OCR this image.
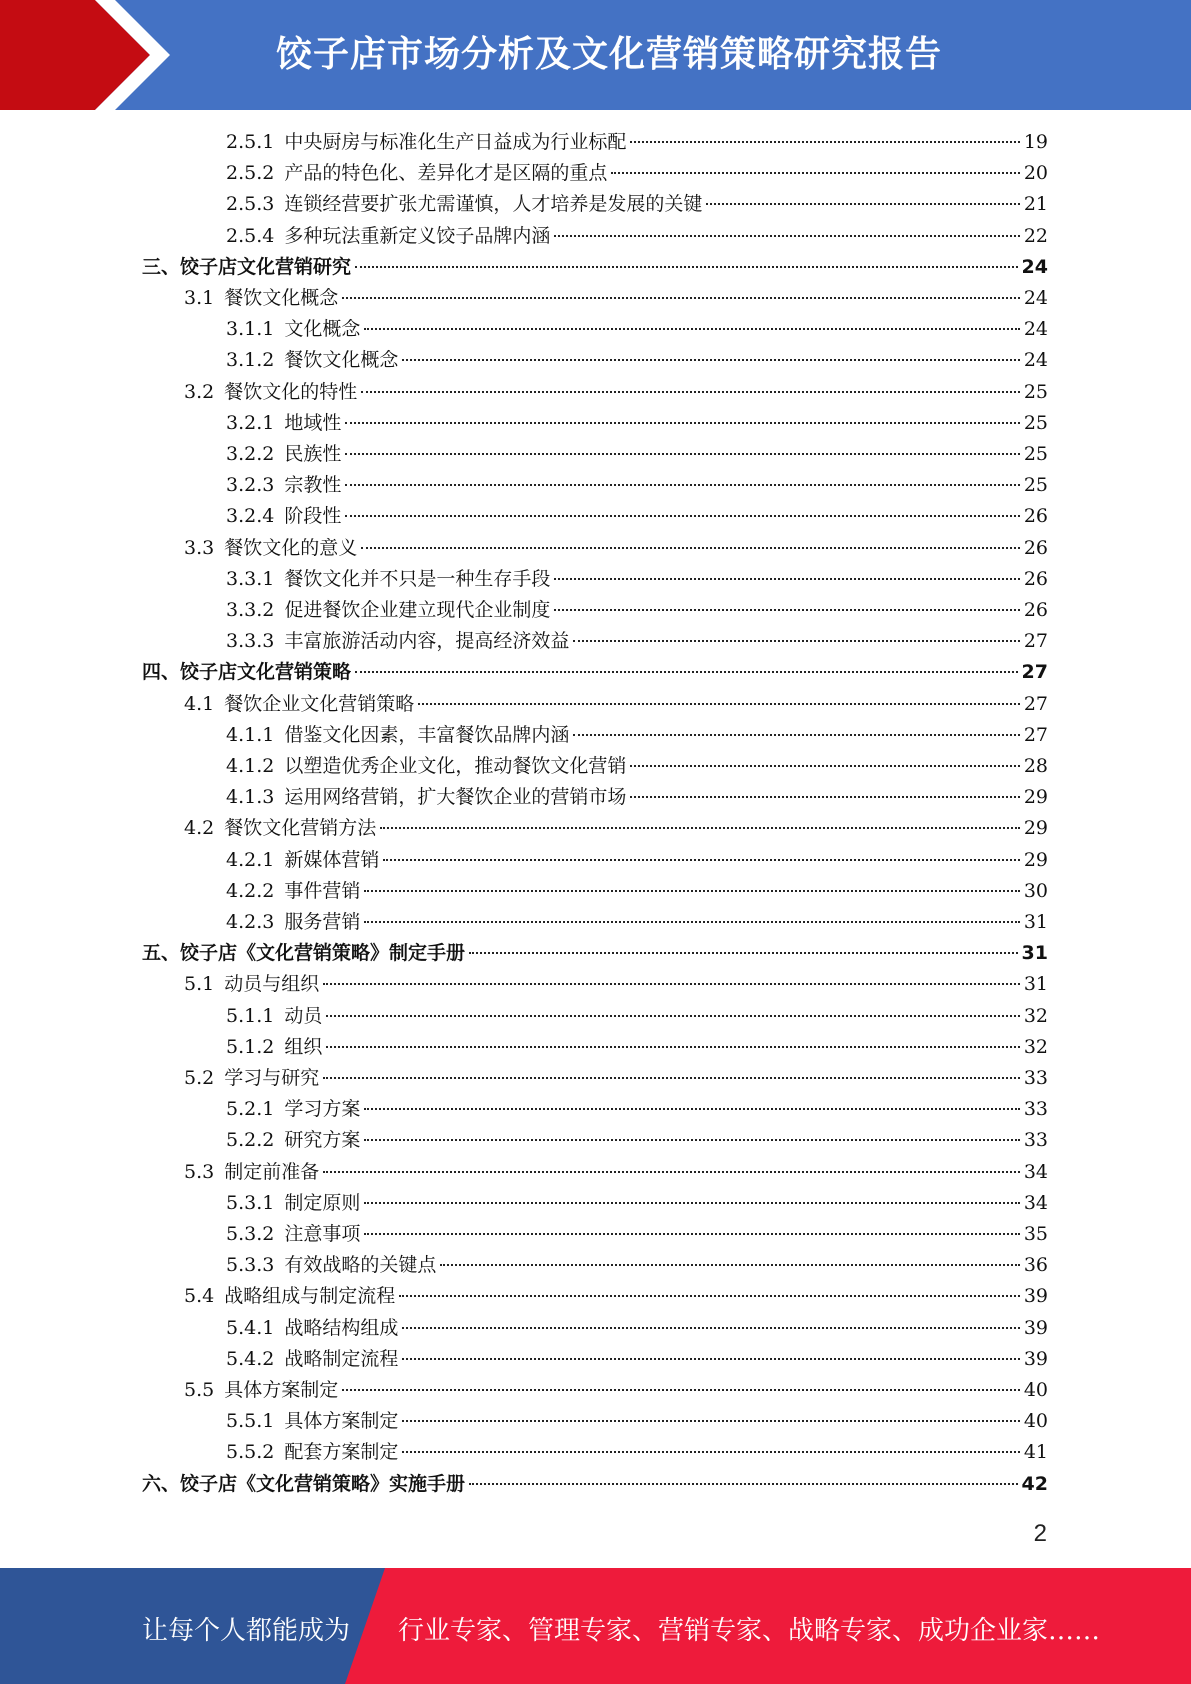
饺子店市场分析及文化营销策略研究报告
2.5.1 中央厨房与标准化生产日益成为行业标配	19
2.5.2 产品的特色化、差异化才是区隔的重点	20
2.5.3 连锁经营要扩张尤需谨慎，人才培养是发展的关键	21
2.5.4 多种玩法重新定义饺子品牌内涵	22
三、饺子店文化营销研究	24
3.1 餐饮文化概念	24
3.1.1 文化概念	24
3.1.2 餐饮文化概念	24
3.2 餐饮文化的特性	25
3.2.1 地域性	25
3.2.2 民族性	25
3.2.3 宗教性	25
3.2.4 阶段性	26
3.3 餐饮文化的意义	26
3.3.1 餐饮文化并不只是一种生存手段	26
3.3.2 促进餐饮企业建立现代企业制度	26
3.3.3 丰富旅游活动内容，提高经济效益	27
四、饺子店文化营销策略	27
4.1 餐饮企业文化营销策略	27
4.1.1 借鉴文化因素，丰富餐饮品牌内涵	27
4.1.2 以塑造优秀企业文化，推动餐饮文化营销	28
4.1.3 运用网络营销，扩大餐饮企业的营销市场	29
4.2 餐饮文化营销方法	29
4.2.1 新媒体营销	29
4.2.2 事件营销	30
4.2.3 服务营销	31
五、饺子店《文化营销策略》制定手册	31
5.1 动员与组织	31
5.1.1 动员	32
5.1.2 组织	32
5.2 学习与研究	33
5.2.1 学习方案	33
5.2.2 研究方案	33
5.3 制定前准备	34
5.3.1 制定原则	34
5.3.2 注意事项	35
5.3.3 有效战略的关键点	36
5.4 战略组成与制定流程	39
5.4.1 战略结构组成	39
5.4.2 战略制定流程	39
5.5 具体方案制定	40
5.5.1 具体方案制定	40
5.5.2 配套方案制定	41
六、饺子店《文化营销策略》实施手册	42
2
让每个人都能成为 行业专家、管理专家、营销专家、战略专家、成功企业家……
